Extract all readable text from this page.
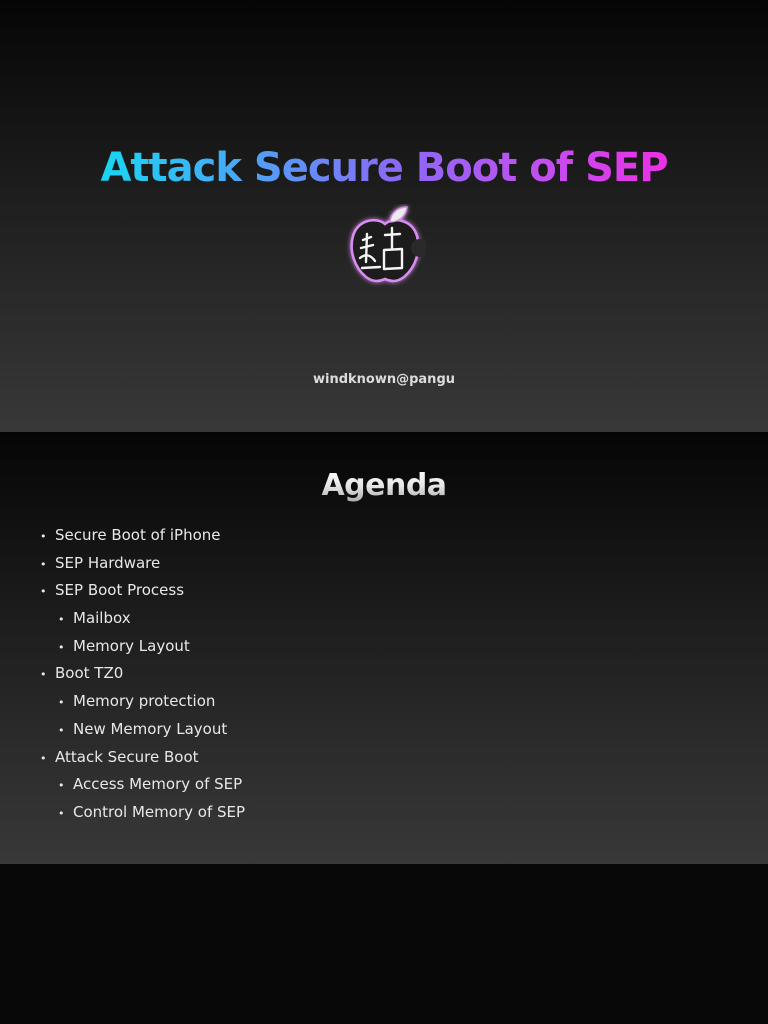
Attack Secure Boot of SEP
windknown@pangu
Agenda
• Secure Boot of iPhone
• SEP Hardware
• SEP Boot Process
• Mailbox
• Memory Layout
• Boot TZ0
• Memory protection
• New Memory Layout
• Attack Secure Boot
• Access Memory of SEP
• Control Memory of SEP
